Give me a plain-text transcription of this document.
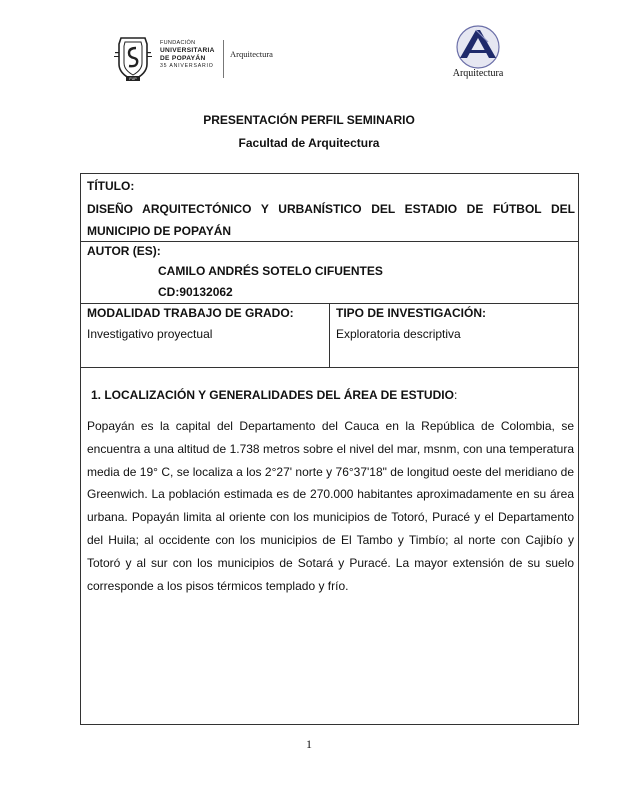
FUP
FUNDACIÓN
UNIVERSITARIA
DE POPAYÁN
35 ANIVERSARIO
Arquitectura
Arquitectura
PRESENTACIÓN PERFIL SEMINARIO
Facultad de Arquitectura
TÍTULO:
DISEÑO ARQUITECTÓNICO Y URBANÍSTICO DEL ESTADIO DE FÚTBOL DEL MUNICIPIO DE POPAYÁN
AUTOR (ES):
CAMILO ANDRÉS SOTELO CIFUENTES
CD:90132062
MODALIDAD TRABAJO DE GRADO:
Investigativo proyectual
TIPO DE INVESTIGACIÓN:
Exploratoria descriptiva
1. LOCALIZACIÓN Y GENERALIDADES DEL ÁREA DE ESTUDIO:
Popayán es la capital del Departamento del Cauca en la República de Colombia, se encuentra a una altitud de 1.738 metros sobre el nivel del mar, msnm, con una temperatura media de 19° C, se localiza a los 2°27' norte y 76°37'18" de longitud oeste del meridiano de Greenwich. La población estimada es de 270.000 habitantes aproximadamente en su área urbana. Popayán limita al oriente con los municipios de Totoró, Puracé y el Departamento del Huila; al occidente con los municipios de El Tambo y Timbío; al norte con Cajibío y Totoró y al sur con los municipios de Sotará y Puracé. La mayor extensión de su suelo corresponde a los pisos térmicos templado y frío.
1
